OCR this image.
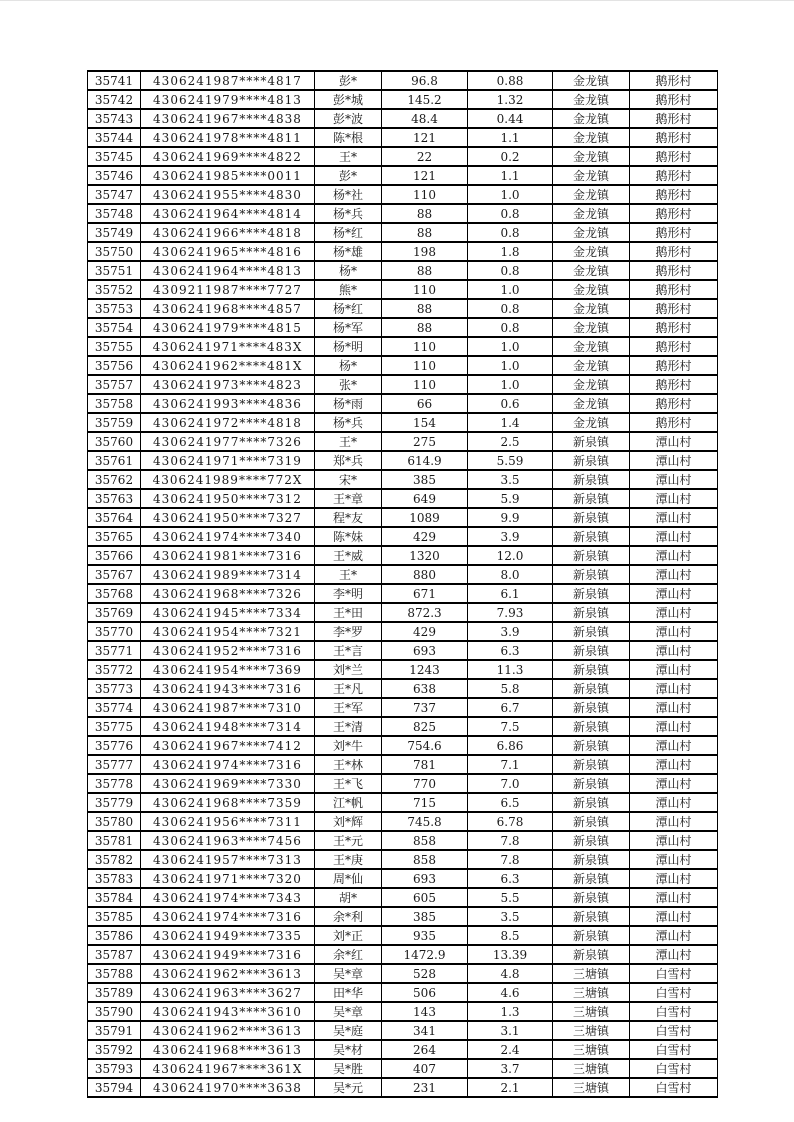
35741	4306241987****4817	彭*	96.8	0.88	金龙镇	鹅形村
35742	4306241979****4813	彭*城	145.2	1.32	金龙镇	鹅形村
35743	4306241967****4838	彭*波	48.4	0.44	金龙镇	鹅形村
35744	4306241978****4811	陈*根	121	1.1	金龙镇	鹅形村
35745	4306241969****4822	王*	22	0.2	金龙镇	鹅形村
35746	4306241985****0011	彭*	121	1.1	金龙镇	鹅形村
35747	4306241955****4830	杨*社	110	1.0	金龙镇	鹅形村
35748	4306241964****4814	杨*兵	88	0.8	金龙镇	鹅形村
35749	4306241966****4818	杨*红	88	0.8	金龙镇	鹅形村
35750	4306241965****4816	杨*雄	198	1.8	金龙镇	鹅形村
35751	4306241964****4813	杨*	88	0.8	金龙镇	鹅形村
35752	4309211987****7727	熊*	110	1.0	金龙镇	鹅形村
35753	4306241968****4857	杨*红	88	0.8	金龙镇	鹅形村
35754	4306241979****4815	杨*军	88	0.8	金龙镇	鹅形村
35755	4306241971****483X	杨*明	110	1.0	金龙镇	鹅形村
35756	4306241962****481X	杨*	110	1.0	金龙镇	鹅形村
35757	4306241973****4823	张*	110	1.0	金龙镇	鹅形村
35758	4306241993****4836	杨*雨	66	0.6	金龙镇	鹅形村
35759	4306241972****4818	杨*兵	154	1.4	金龙镇	鹅形村
35760	4306241977****7326	王*	275	2.5	新泉镇	潭山村
35761	4306241971****7319	郑*兵	614.9	5.59	新泉镇	潭山村
35762	4306241989****772X	宋*	385	3.5	新泉镇	潭山村
35763	4306241950****7312	王*章	649	5.9	新泉镇	潭山村
35764	4306241950****7327	程*友	1089	9.9	新泉镇	潭山村
35765	4306241974****7340	陈*妹	429	3.9	新泉镇	潭山村
35766	4306241981****7316	王*威	1320	12.0	新泉镇	潭山村
35767	4306241989****7314	王*	880	8.0	新泉镇	潭山村
35768	4306241968****7326	李*明	671	6.1	新泉镇	潭山村
35769	4306241945****7334	王*田	872.3	7.93	新泉镇	潭山村
35770	4306241954****7321	李*罗	429	3.9	新泉镇	潭山村
35771	4306241952****7316	王*言	693	6.3	新泉镇	潭山村
35772	4306241954****7369	刘*兰	1243	11.3	新泉镇	潭山村
35773	4306241943****7316	王*凡	638	5.8	新泉镇	潭山村
35774	4306241987****7310	王*军	737	6.7	新泉镇	潭山村
35775	4306241948****7314	王*清	825	7.5	新泉镇	潭山村
35776	4306241967****7412	刘*牛	754.6	6.86	新泉镇	潭山村
35777	4306241974****7316	王*林	781	7.1	新泉镇	潭山村
35778	4306241969****7330	王*飞	770	7.0	新泉镇	潭山村
35779	4306241968****7359	江*帆	715	6.5	新泉镇	潭山村
35780	4306241956****7311	刘*辉	745.8	6.78	新泉镇	潭山村
35781	4306241963****7456	王*元	858	7.8	新泉镇	潭山村
35782	4306241957****7313	王*庚	858	7.8	新泉镇	潭山村
35783	4306241971****7320	周*仙	693	6.3	新泉镇	潭山村
35784	4306241974****7343	胡*	605	5.5	新泉镇	潭山村
35785	4306241974****7316	余*利	385	3.5	新泉镇	潭山村
35786	4306241949****7335	刘*正	935	8.5	新泉镇	潭山村
35787	4306241949****7316	余*红	1472.9	13.39	新泉镇	潭山村
35788	4306241962****3613	吴*章	528	4.8	三塘镇	白雪村
35789	4306241963****3627	田*华	506	4.6	三塘镇	白雪村
35790	4306241943****3610	吴*章	143	1.3	三塘镇	白雪村
35791	4306241962****3613	吴*庭	341	3.1	三塘镇	白雪村
35792	4306241968****3613	吴*材	264	2.4	三塘镇	白雪村
35793	4306241967****361X	吴*胜	407	3.7	三塘镇	白雪村
35794	4306241970****3638	吴*元	231	2.1	三塘镇	白雪村
